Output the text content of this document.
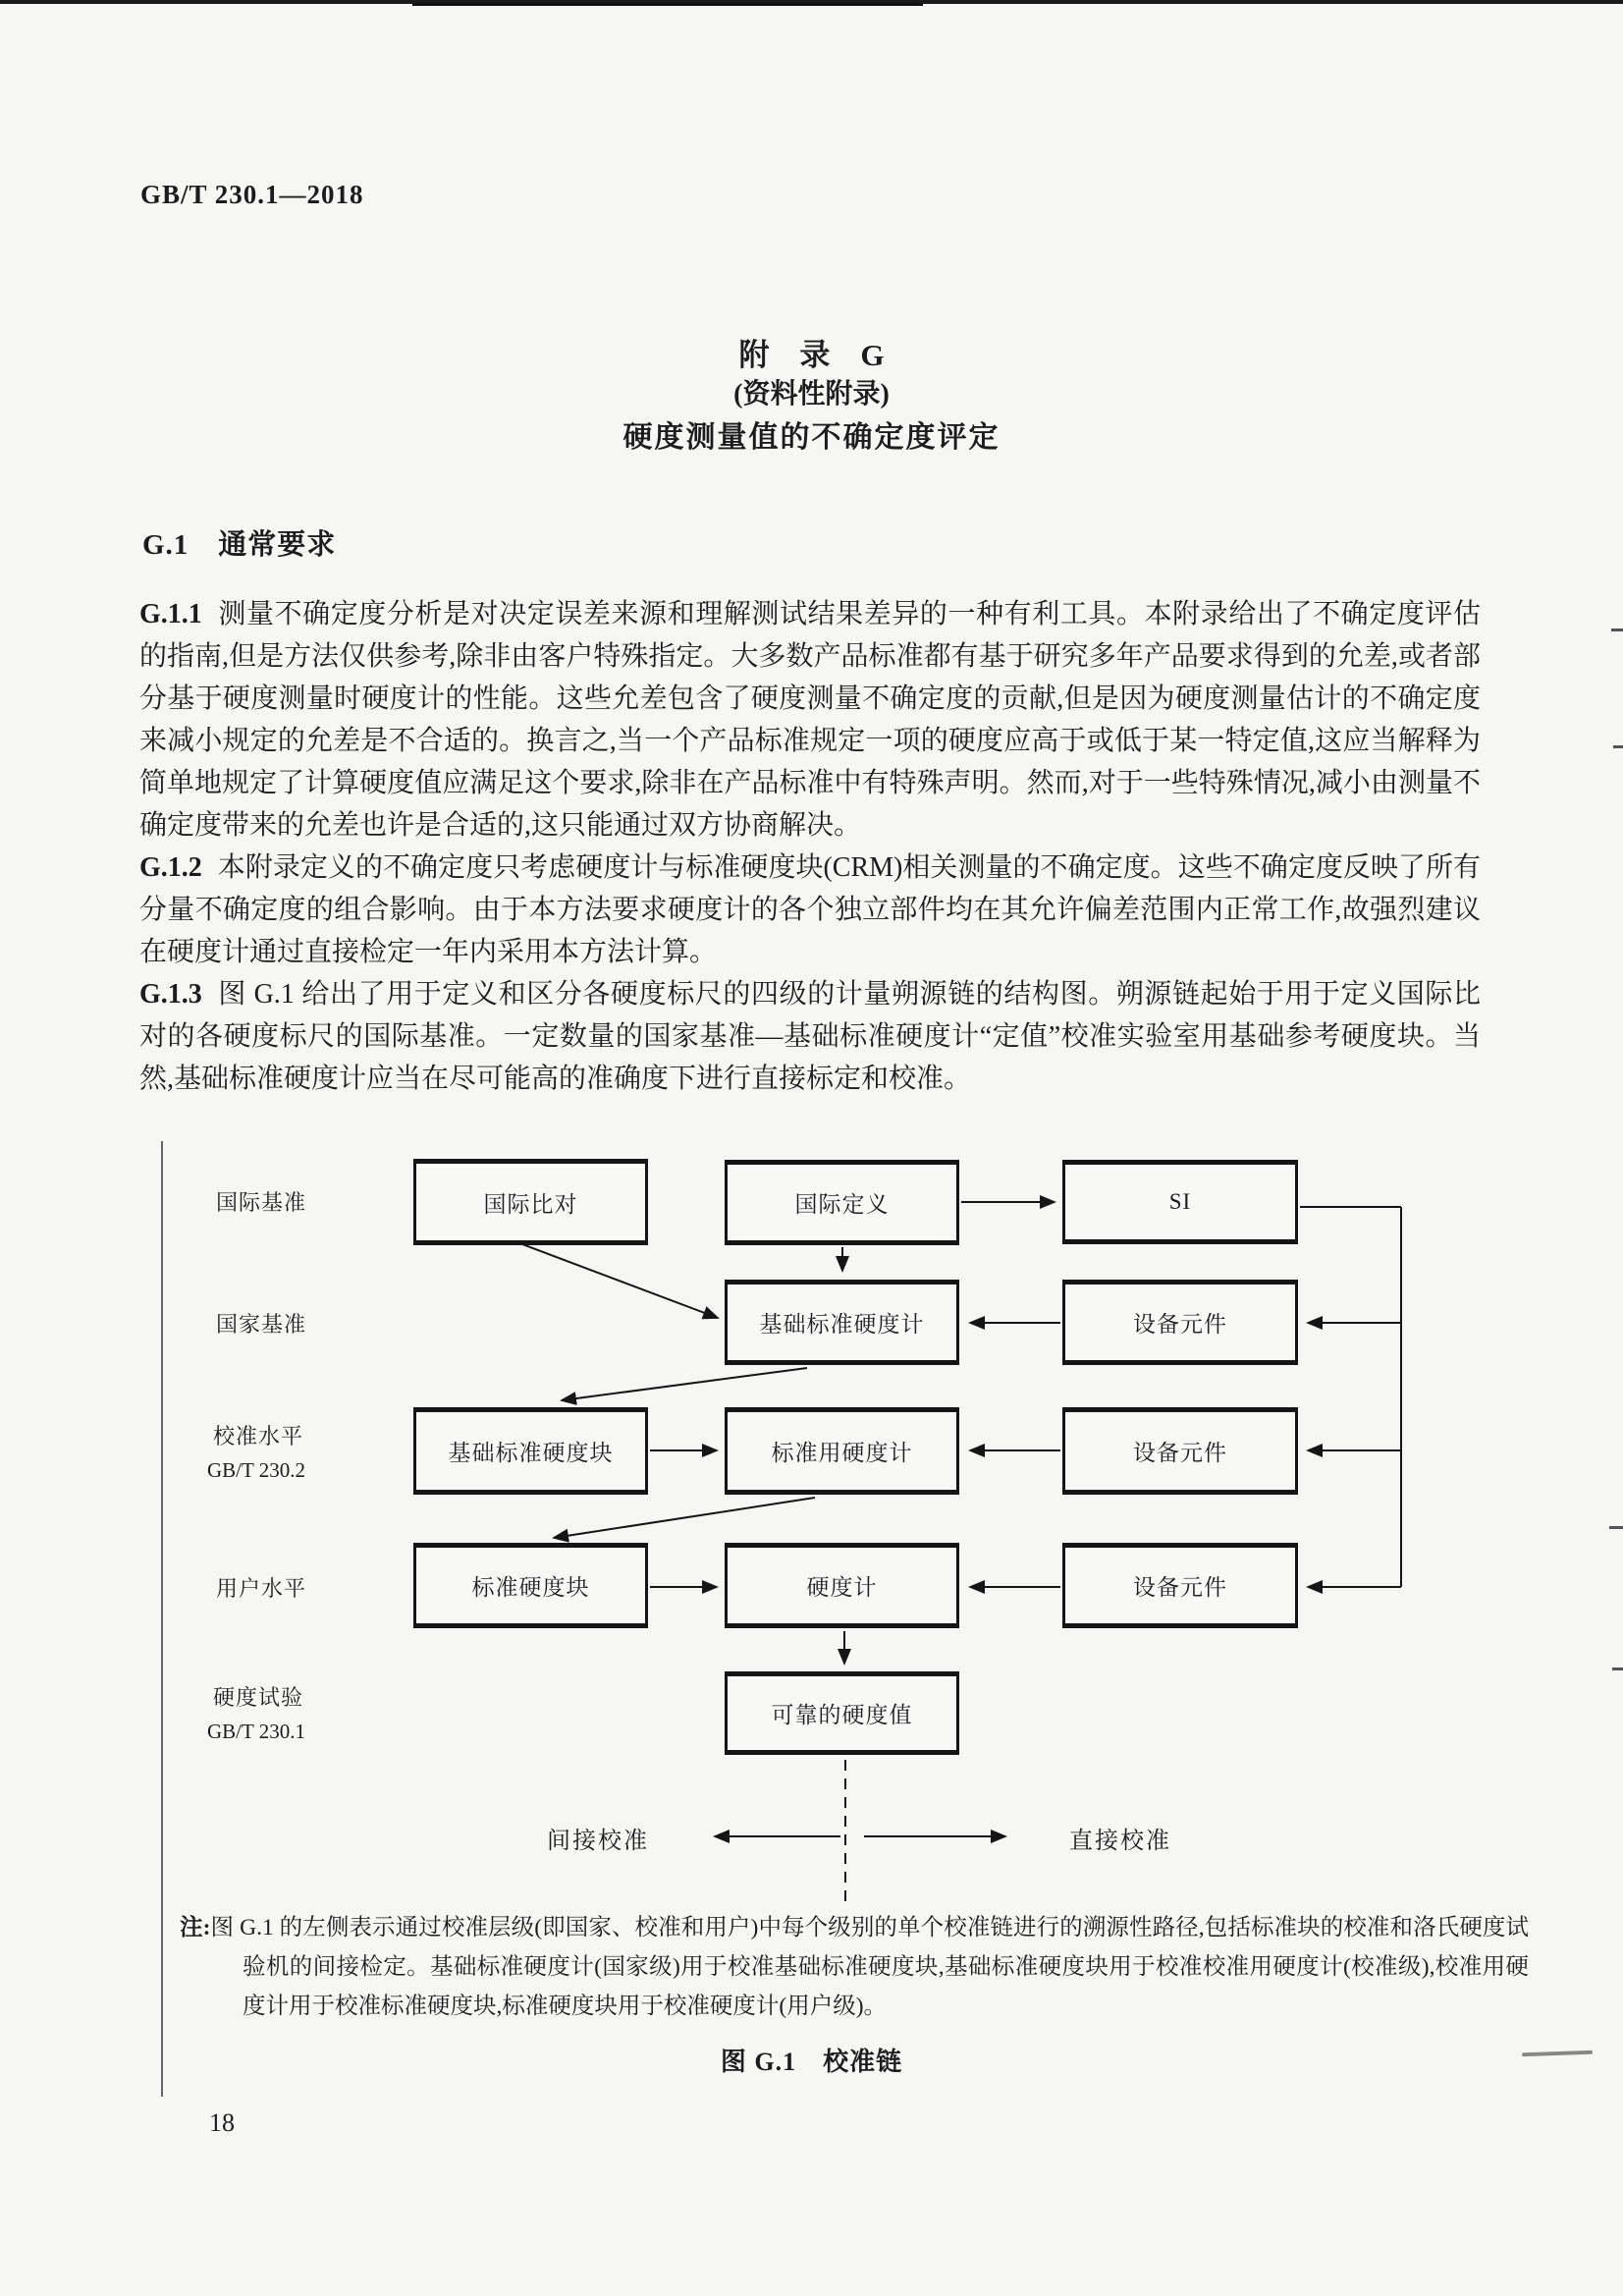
GB/T 230.1—2018
附　录　G
(资料性附录)
硬度测量值的不确定度评定
G.1　通常要求

G.1.1 测量不确定度分析是对决定误差来源和理解测试结果差异的一种有利工具。本附录给出了不确定度评估的指南,但是方法仅供参考,除非由客户特殊指定。大多数产品标准都有基于研究多年产品要求得到的允差,或者部分基于硬度测量时硬度计的性能。这些允差包含了硬度测量不确定度的贡献,但是因为硬度测量估计的不确定度来减小规定的允差是不合适的。换言之,当一个产品标准规定一项的硬度应高于或低于某一特定值,这应当解释为简单地规定了计算硬度值应满足这个要求,除非在产品标准中有特殊声明。然而,对于一些特殊情况,减小由测量不确定度带来的允差也许是合适的,这只能通过双方协商解决。

G.1.2 本附录定义的不确定度只考虑硬度计与标准硬度块(CRM)相关测量的不确定度。这些不确定度反映了所有分量不确定度的组合影响。由于本方法要求硬度计的各个独立部件均在其允许偏差范围内正常工作,故强烈建议在硬度计通过直接检定一年内采用本方法计算。

G.1.3 图 G.1 给出了用于定义和区分各硬度标尺的四级的计量朔源链的结构图。朔源链起始于用于定义国际比对的各硬度标尺的国际基准。一定数量的国家基准—基础标准硬度计“定值”校准实验室用基础参考硬度块。当然,基础标准硬度计应当在尽可能高的准确度下进行直接标定和校准。

国际基准
国家基准
校准水平
GB/T 230.2
用户水平
硬度试验
GB/T 230.1
国际比对	国际定义	SI
基础标准硬度计	设备元件
基础标准硬度块	标准用硬度计	设备元件
标准硬度块	硬度计	设备元件
可靠的硬度值
间接校准	直接校准
注:图 G.1 的左侧表示通过校准层级(即国家、校准和用户)中每个级别的单个校准链进行的溯源性路径,包括标准块的校准和洛氏硬度试验机的间接检定。基础标准硬度计(国家级)用于校准基础标准硬度块,基础标准硬度块用于校准校准用硬度计(校准级),校准用硬度计用于校准标准硬度块,标准硬度块用于校准硬度计(用户级)。
图 G.1　校准链
18
